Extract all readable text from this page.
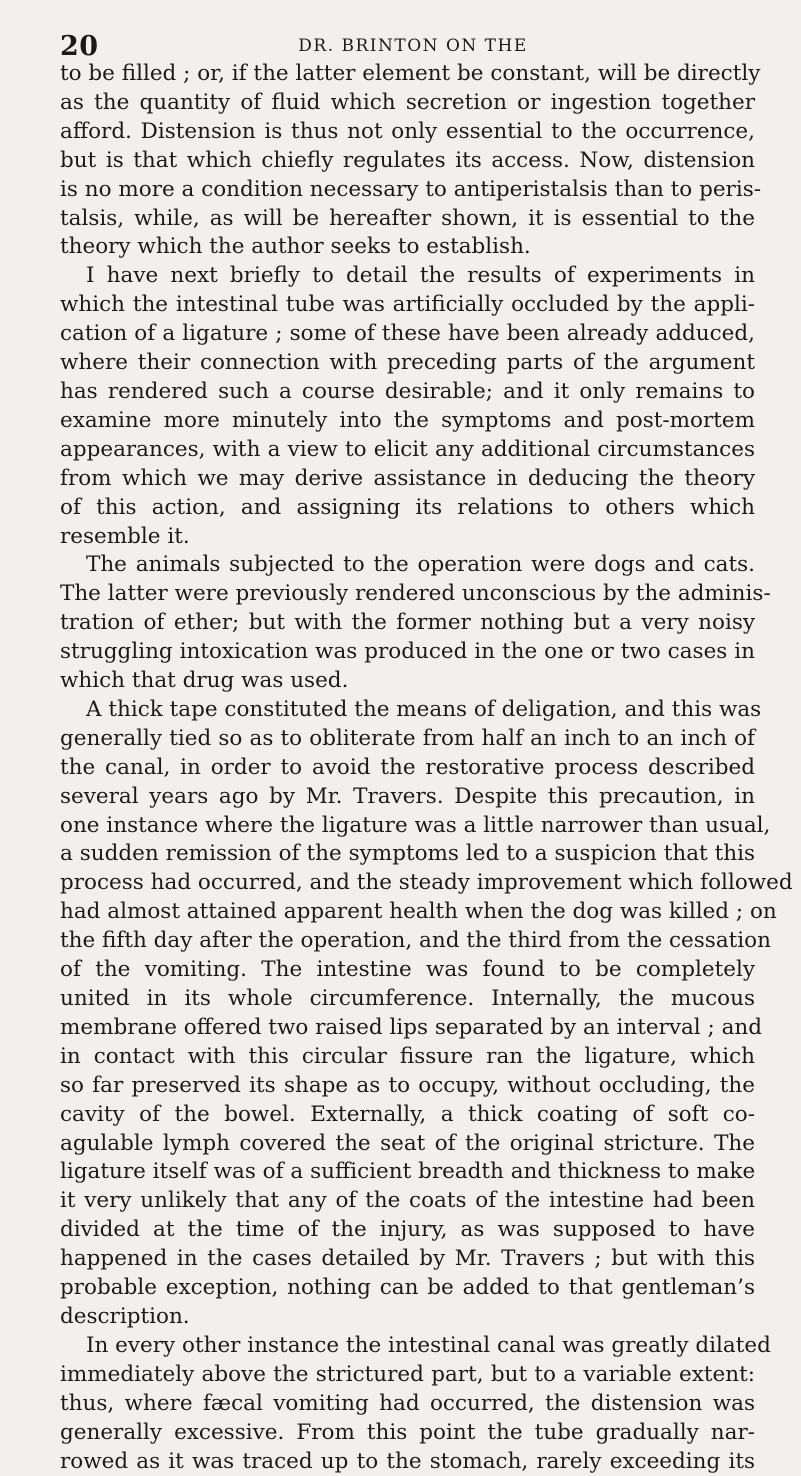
20	DR. BRINTON ON THE
to be filled ; or, if the latter element be constant, will be directly
as the quantity of fluid which secretion or ingestion together
afford. Distension is thus not only essential to the occurrence,
but is that which chiefly regulates its access. Now, distension
is no more a condition necessary to antiperistalsis than to peris-
talsis, while, as will be hereafter shown, it is essential to the
theory which the author seeks to establish.
I have next briefly to detail the results of experiments in
which the intestinal tube was artificially occluded by the appli-
cation of a ligature ; some of these have been already adduced,
where their connection with preceding parts of the argument
has rendered such a course desirable; and it only remains to
examine more minutely into the symptoms and post-mortem
appearances, with a view to elicit any additional circumstances
from which we may derive assistance in deducing the theory
of this action, and assigning its relations to others which
resemble it.
The animals subjected to the operation were dogs and cats.
The latter were previously rendered unconscious by the adminis-
tration of ether; but with the former nothing but a very noisy
struggling intoxication was produced in the one or two cases in
which that drug was used.
A thick tape constituted the means of deligation, and this was
generally tied so as to obliterate from half an inch to an inch of
the canal, in order to avoid the restorative process described
several years ago by Mr. Travers. Despite this precaution, in
one instance where the ligature was a little narrower than usual,
a sudden remission of the symptoms led to a suspicion that this
process had occurred, and the steady improvement which followed
had almost attained apparent health when the dog was killed ; on
the fifth day after the operation, and the third from the cessation
of the vomiting. The intestine was found to be completely
united in its whole circumference. Internally, the mucous
membrane offered two raised lips separated by an interval ; and
in contact with this circular fissure ran the ligature, which
so far preserved its shape as to occupy, without occluding, the
cavity of the bowel. Externally, a thick coating of soft co-
agulable lymph covered the seat of the original stricture. The
ligature itself was of a sufficient breadth and thickness to make
it very unlikely that any of the coats of the intestine had been
divided at the time of the injury, as was supposed to have
happened in the cases detailed by Mr. Travers ; but with this
probable exception, nothing can be added to that gentleman’s
description.
In every other instance the intestinal canal was greatly dilated
immediately above the strictured part, but to a variable extent:
thus, where fæcal vomiting had occurred, the distension was
generally excessive. From this point the tube gradually nar-
rowed as it was traced up to the stomach, rarely exceeding its
